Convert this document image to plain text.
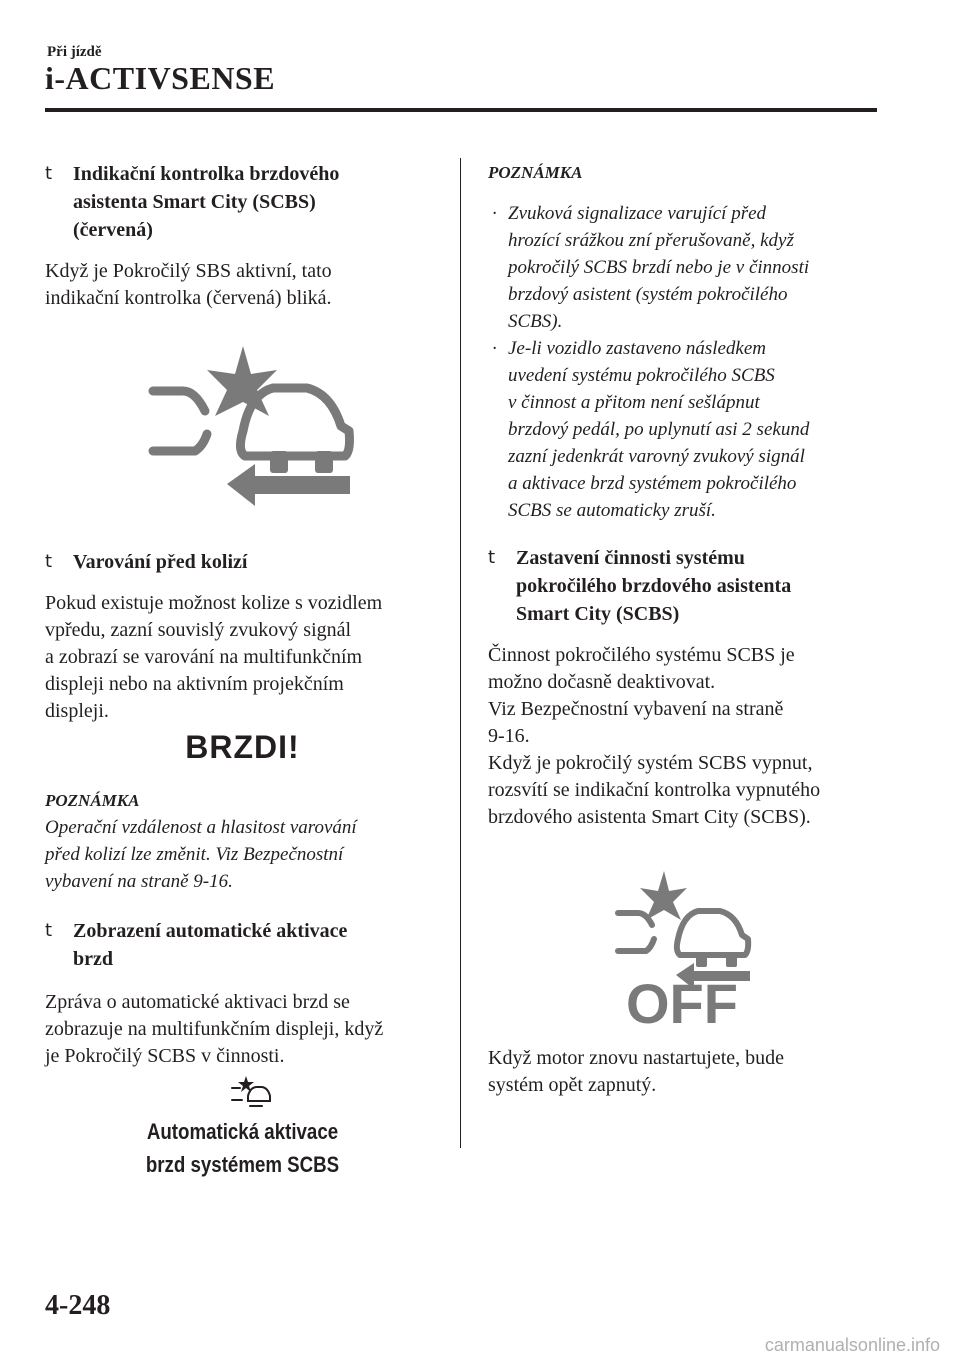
Při jízdě
i-ACTIVSENSE
t Indikační kontrolka brzdového
asistenta Smart City (SCBS)
(červená)
Když je Pokročilý SBS aktivní, tato
indikační kontrolka (červená) bliká.
t Varování před kolizí
Pokud existuje možnost kolize s vozidlem
vpředu, zazní souvislý zvukový signál
a zobrazí se varování na multifunkčním
displeji nebo na aktivním projekčním
displeji.
BRZDI!
POZNÁMKA
Operační vzdálenost a hlasitost varování
před kolizí lze změnit. Viz Bezpečnostní
vybavení na straně 9-16.
t Zobrazení automatické aktivace
brzd
Zpráva o automatické aktivaci brzd se
zobrazuje na multifunkčním displeji, když
je Pokročilý SCBS v činnosti.
Automatická aktivace
brzd systémem SCBS
POZNÁMKA
· Zvuková signalizace varující před
hrozící srážkou zní přerušovaně, když
pokročilý SCBS brzdí nebo je v činnosti
brzdový asistent (systém pokročilého
SCBS).
· Je-li vozidlo zastaveno následkem
uvedení systému pokročilého SCBS
v činnost a přitom není sešlápnut
brzdový pedál, po uplynutí asi 2 sekund
zazní jedenkrát varovný zvukový signál
a aktivace brzd systémem pokročilého
SCBS se automaticky zruší.
t Zastavení činnosti systému
pokročilého brzdového asistenta
Smart City (SCBS)
Činnost pokročilého systému SCBS je
možno dočasně deaktivovat.
Viz Bezpečnostní vybavení na straně
9-16.
Když je pokročilý systém SCBS vypnut,
rozsvítí se indikační kontrolka vypnutého
brzdového asistenta Smart City (SCBS).
OFF
Když motor znovu nastartujete, bude
systém opět zapnutý.
4-248
carmanualsonline.info
